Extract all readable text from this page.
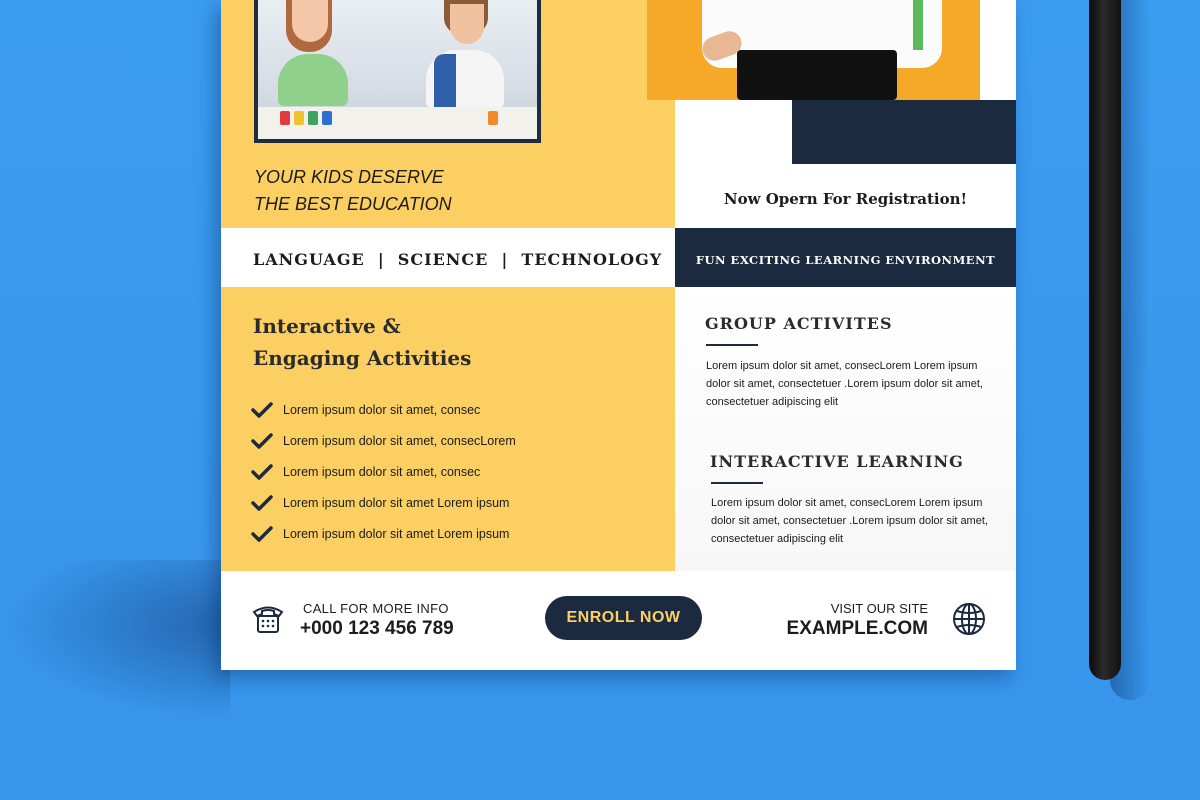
YOUR KIDS DESERVE
THE BEST EDUCATION	Now Opern For Registration!
LANGUAGE  |  SCIENCE  |  TECHNOLOGY	FUN EXCITING LEARNING ENVIRONMENT
Interactive &
Engaging Activities
Lorem ipsum dolor sit amet, consec
Lorem ipsum dolor sit amet, consecLorem
Lorem ipsum dolor sit amet, consec
Lorem ipsum dolor sit amet Lorem ipsum
Lorem ipsum dolor sit amet Lorem ipsum
GROUP ACTIVITES
Lorem ipsum dolor sit amet, consecLorem Lorem ipsum dolor sit amet, consectetuer .Lorem ipsum dolor sit amet, consectetuer adipiscing elit
INTERACTIVE LEARNING
Lorem ipsum dolor sit amet, consecLorem Lorem ipsum dolor sit amet, consectetuer .Lorem ipsum dolor sit amet, consectetuer adipiscing elit
CALL FOR MORE INFO
+000 123 456 789
ENROLL NOW
VISIT OUR SITE
EXAMPLE.COM
